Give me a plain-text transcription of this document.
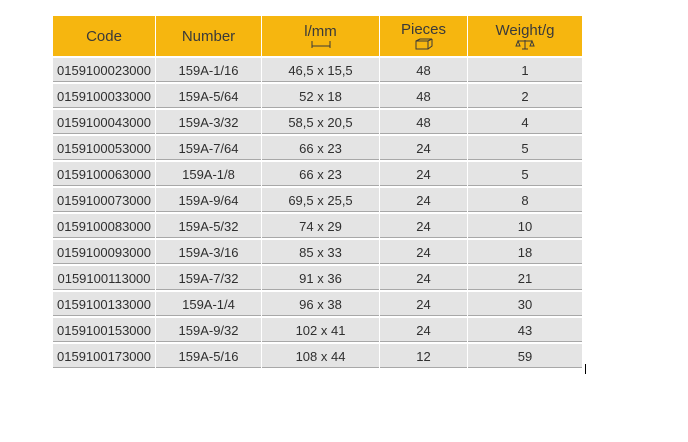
Code	Number	l/mm	Pieces	Weight/g

0159100023000	159A-1/16	46,5 x 15,5	48	1
0159100033000	159A-5/64	52 x 18	48	2
0159100043000	159A-3/32	58,5 x 20,5	48	4
0159100053000	159A-7/64	66 x 23	24	5
0159100063000	159A-1/8	66 x 23	24	5
0159100073000	159A-9/64	69,5 x 25,5	24	8
0159100083000	159A-5/32	74 x 29	24	10
0159100093000	159A-3/16	85 x 33	24	18
0159100113000	159A-7/32	91 x 36	24	21
0159100133000	159A-1/4	96 x 38	24	30
0159100153000	159A-9/32	102 x 41	24	43
0159100173000	159A-5/16	108 x 44	12	59
